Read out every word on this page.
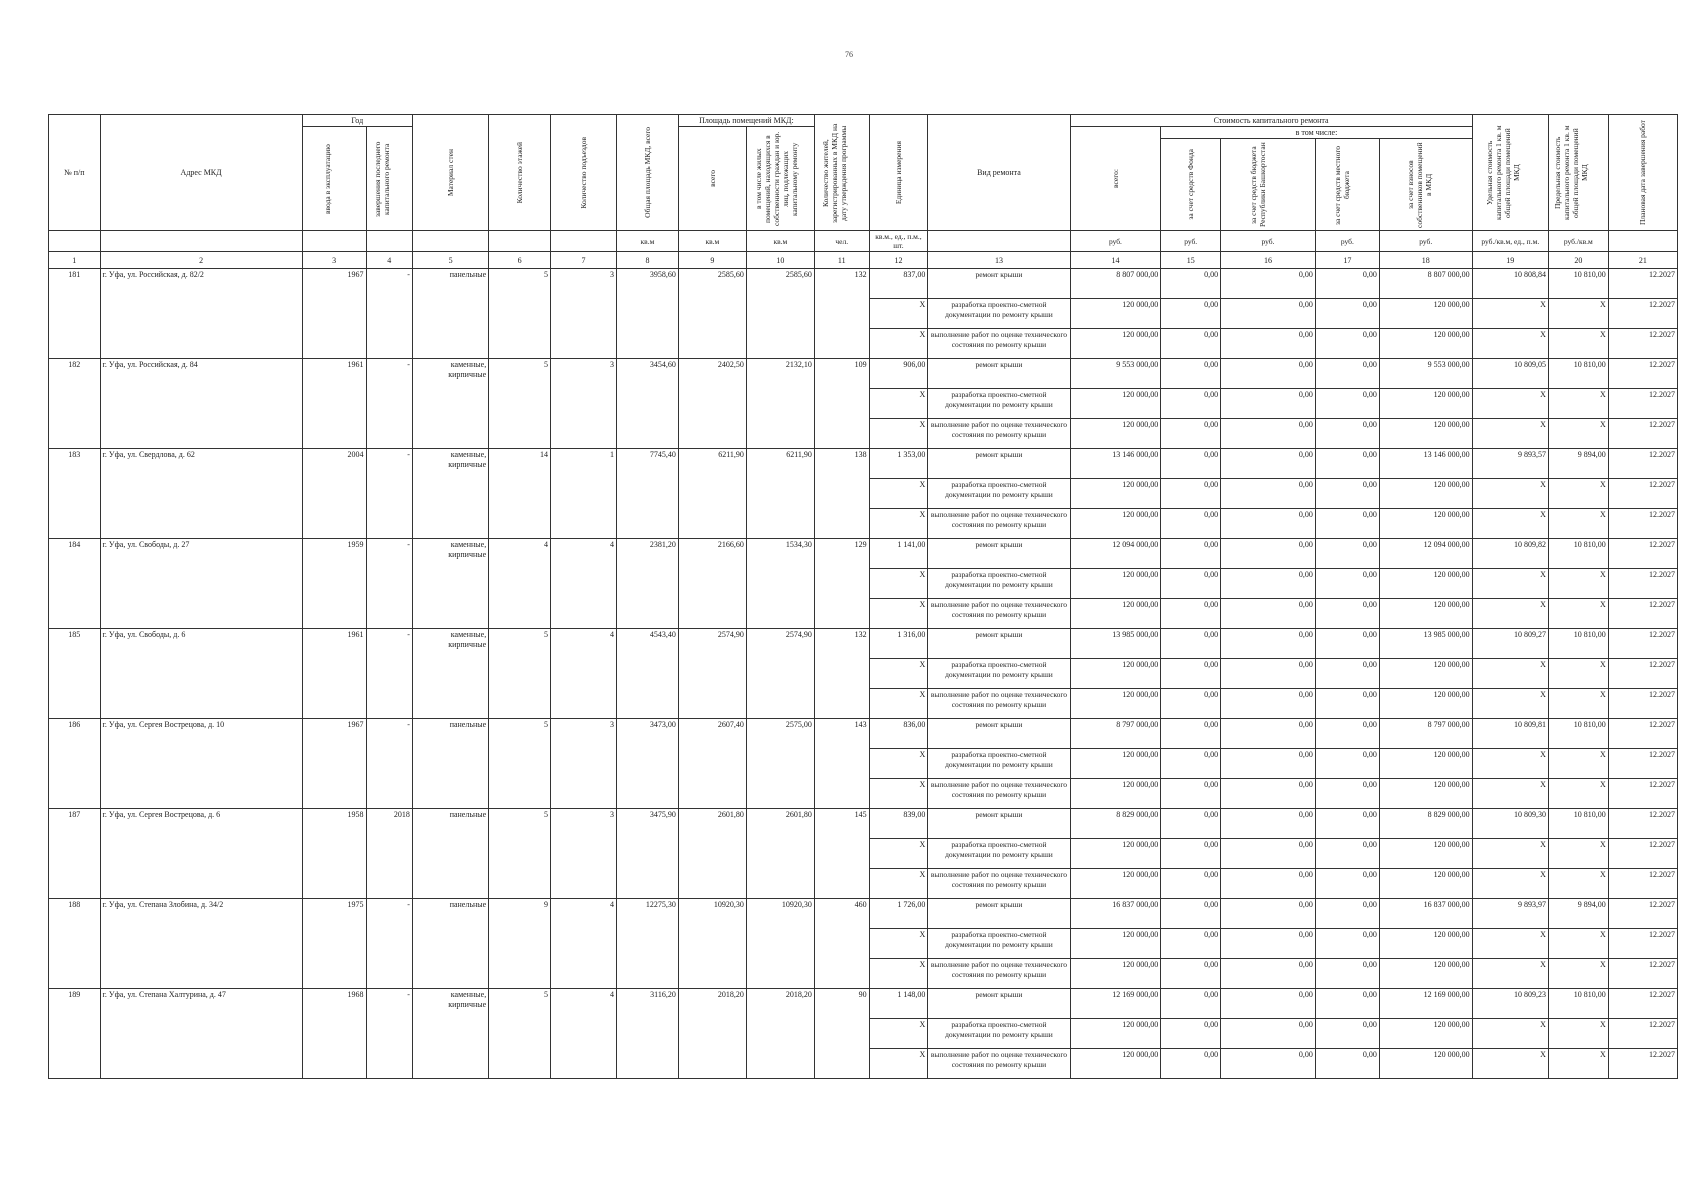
76
№ п/п	Адрес МКД	Год		Материал стен	Количество этажей	Количество подъездов	Общая площадь МКД, всего	Площадь помещений МКД:		Количество жителей, зарегистрированных в МКД на дату утверждения программы	Единица измерения	Вид ремонта	Стоимость капитального ремонта					Удельная стоимость капитального ремонта 1 кв. м общей площади помещений МКД	Предельная стоимость капитального ремонта 1 кв. м общей площади помещений МКД	Плановая дата завершения работ

		ввода в эксплуатацию	завершения последнего капитального ремонта					всего	в том числе жилых помещений, находящихся в собственности граждан и юр. лиц, подлежащих капитальному ремонту				всего:	в том числе:						

														за счет средств Фонда	за счет средств бюджета Республики Башкортостан	за счет средств местного бюджета	за счет взносов собственников помещений в МКД			

							кв.м	кв.м	кв.м	чел.	кв.м., ед., п.м., шт.		руб.	руб.	руб.	руб.	руб.	руб./кв.м, ед., п.м.	руб./кв.м	
1	2	3	4	5	6	7	8	9	10	11	12	13	14	15	16	17	18	19	20	21
181	г. Уфа, ул. Российская, д. 82/2	1967	-	панельные	5	3	3958,60	2585,60	2585,60	132	837,00	ремонт крыши	8 807 000,00	0,00	0,00	0,00	8 807 000,00	10 808,84	10 810,00	12.2027
											X	разработка проектно-сметной документации по ремонту крыши	120 000,00	0,00	0,00	0,00	120 000,00	X	X	12.2027
											X	выполнение работ по оценке технического состояния по ремонту крыши	120 000,00	0,00	0,00	0,00	120 000,00	X	X	12.2027
182	г. Уфа, ул. Российская, д. 84	1961	-	каменные, кирпичные	5	3	3454,60	2402,50	2132,10	109	906,00	ремонт крыши	9 553 000,00	0,00	0,00	0,00	9 553 000,00	10 809,05	10 810,00	12.2027
											X	разработка проектно-сметной документации по ремонту крыши	120 000,00	0,00	0,00	0,00	120 000,00	X	X	12.2027
											X	выполнение работ по оценке технического состояния по ремонту крыши	120 000,00	0,00	0,00	0,00	120 000,00	X	X	12.2027
183	г. Уфа, ул. Свердлова, д. 62	2004	-	каменные, кирпичные	14	1	7745,40	6211,90	6211,90	138	1 353,00	ремонт крыши	13 146 000,00	0,00	0,00	0,00	13 146 000,00	9 893,57	9 894,00	12.2027
											X	разработка проектно-сметной документации по ремонту крыши	120 000,00	0,00	0,00	0,00	120 000,00	X	X	12.2027
											X	выполнение работ по оценке технического состояния по ремонту крыши	120 000,00	0,00	0,00	0,00	120 000,00	X	X	12.2027
184	г. Уфа, ул. Свободы, д. 27	1959	-	каменные, кирпичные	4	4	2381,20	2166,60	1534,30	129	1 141,00	ремонт крыши	12 094 000,00	0,00	0,00	0,00	12 094 000,00	10 809,82	10 810,00	12.2027
											X	разработка проектно-сметной документации по ремонту крыши	120 000,00	0,00	0,00	0,00	120 000,00	X	X	12.2027
											X	выполнение работ по оценке технического состояния по ремонту крыши	120 000,00	0,00	0,00	0,00	120 000,00	X	X	12.2027
185	г. Уфа, ул. Свободы, д. 6	1961	-	каменные, кирпичные	5	4	4543,40	2574,90	2574,90	132	1 316,00	ремонт крыши	13 985 000,00	0,00	0,00	0,00	13 985 000,00	10 809,27	10 810,00	12.2027
											X	разработка проектно-сметной документации по ремонту крыши	120 000,00	0,00	0,00	0,00	120 000,00	X	X	12.2027
											X	выполнение работ по оценке технического состояния по ремонту крыши	120 000,00	0,00	0,00	0,00	120 000,00	X	X	12.2027
186	г. Уфа, ул. Сергея Вострецова, д. 10	1967	-	панельные	5	3	3473,00	2607,40	2575,00	143	836,00	ремонт крыши	8 797 000,00	0,00	0,00	0,00	8 797 000,00	10 809,81	10 810,00	12.2027
											X	разработка проектно-сметной документации по ремонту крыши	120 000,00	0,00	0,00	0,00	120 000,00	X	X	12.2027
											X	выполнение работ по оценке технического состояния по ремонту крыши	120 000,00	0,00	0,00	0,00	120 000,00	X	X	12.2027
187	г. Уфа, ул. Сергея Вострецова, д. 6	1958	2018	панельные	5	3	3475,90	2601,80	2601,80	145	839,00	ремонт крыши	8 829 000,00	0,00	0,00	0,00	8 829 000,00	10 809,30	10 810,00	12.2027
											X	разработка проектно-сметной документации по ремонту крыши	120 000,00	0,00	0,00	0,00	120 000,00	X	X	12.2027
											X	выполнение работ по оценке технического состояния по ремонту крыши	120 000,00	0,00	0,00	0,00	120 000,00	X	X	12.2027
188	г. Уфа, ул. Степана Злобина, д. 34/2	1975	-	панельные	9	4	12275,30	10920,30	10920,30	460	1 726,00	ремонт крыши	16 837 000,00	0,00	0,00	0,00	16 837 000,00	9 893,97	9 894,00	12.2027
											X	разработка проектно-сметной документации по ремонту крыши	120 000,00	0,00	0,00	0,00	120 000,00	X	X	12.2027
											X	выполнение работ по оценке технического состояния по ремонту крыши	120 000,00	0,00	0,00	0,00	120 000,00	X	X	12.2027
189	г. Уфа, ул. Степана Халтурина, д. 47	1968	-	каменные, кирпичные	5	4	3116,20	2018,20	2018,20	90	1 148,00	ремонт крыши	12 169 000,00	0,00	0,00	0,00	12 169 000,00	10 809,23	10 810,00	12.2027
											X	разработка проектно-сметной документации по ремонту крыши	120 000,00	0,00	0,00	0,00	120 000,00	X	X	12.2027
											X	выполнение работ по оценке технического состояния по ремонту крыши	120 000,00	0,00	0,00	0,00	120 000,00	X	X	12.2027
